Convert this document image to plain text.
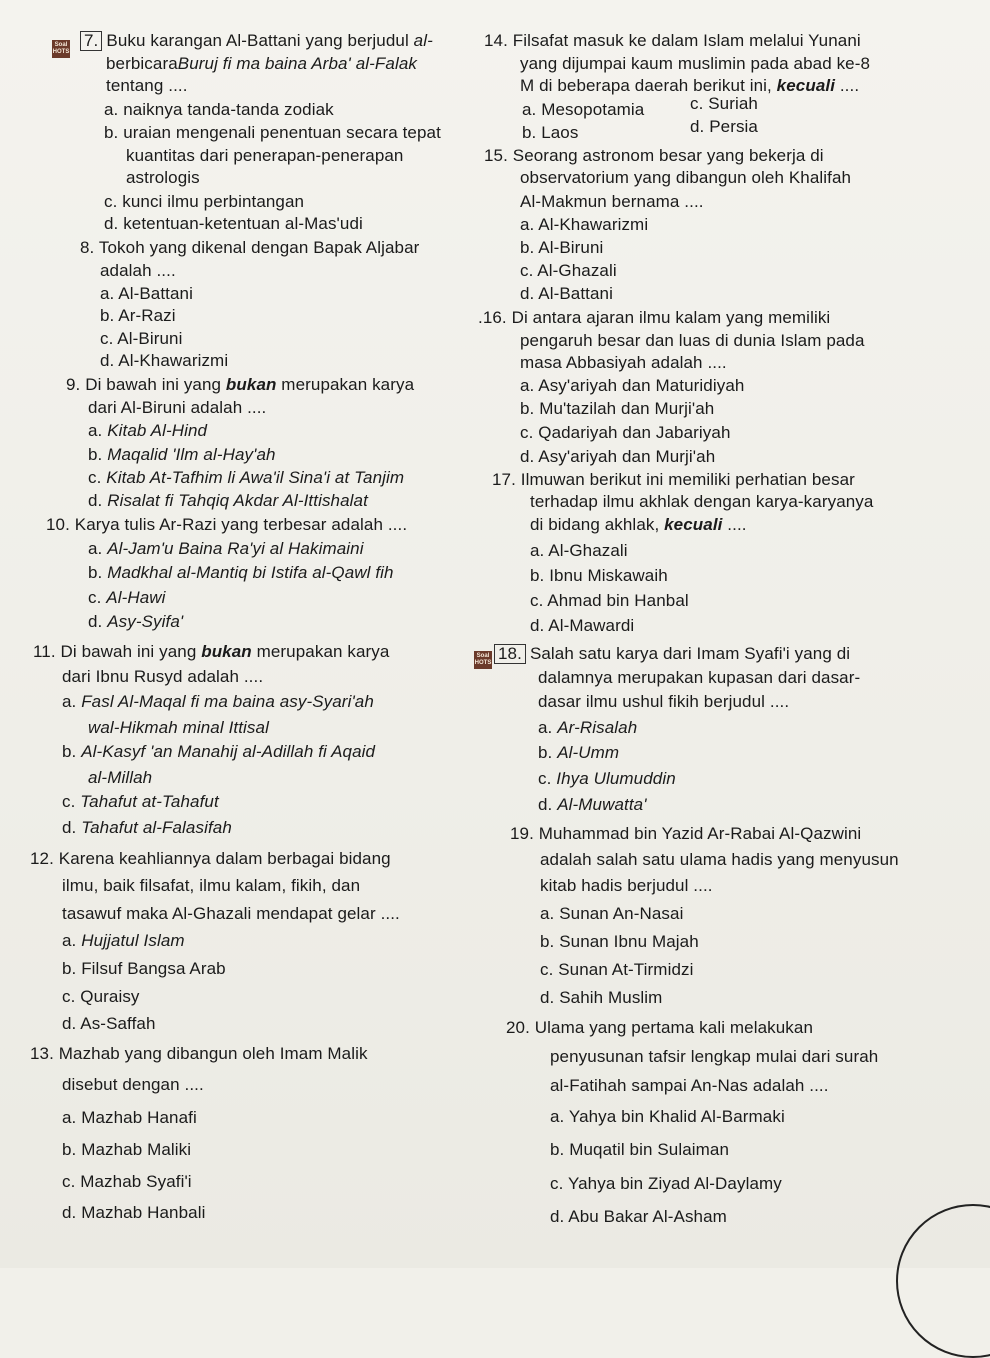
Soal
HOTS
Soal
HOTS
7.Buku karangan Al-Battani yang berjudul al-
berbicaraBuruj fi ma baina Arba' al-Falak
tentang ....
a. naiknya tanda-tanda zodiak
b. uraian mengenali penentuan secara tepat
kuantitas dari penerapan-penerapan
astrologis
c. kunci ilmu perbintangan
d. ketentuan-ketentuan al-Mas'udi
8. Tokoh yang dikenal dengan Bapak Aljabar
adalah ....
a. Al-Battani
b. Ar-Razi
c. Al-Biruni
d. Al-Khawarizmi
9. Di bawah ini yang bukan merupakan karya
dari Al-Biruni adalah ....
a. Kitab Al-Hind
b. Maqalid 'Ilm al-Hay'ah
c. Kitab At-Tafhim li Awa'il Sina'i at Tanjim
d. Risalat fi Tahqiq Akdar Al-Ittishalat
10. Karya tulis Ar-Razi yang terbesar adalah ....
a. Al-Jam'u Baina Ra'yi al Hakimaini
b. Madkhal al-Mantiq bi Istifa al-Qawl fih
c. Al-Hawi
d. Asy-Syifa'
11. Di bawah ini yang bukan merupakan karya
dari Ibnu Rusyd adalah ....
a. Fasl Al-Maqal fi ma baina asy-Syari'ah
wal-Hikmah minal Ittisal
b. Al-Kasyf 'an Manahij al-Adillah fi Aqaid
al-Millah
c. Tahafut at-Tahafut
d. Tahafut al-Falasifah
12. Karena keahliannya dalam berbagai bidang
ilmu, baik filsafat, ilmu kalam, fikih, dan
tasawuf maka Al-Ghazali mendapat gelar ....
a. Hujjatul Islam
b. Filsuf Bangsa Arab
c. Quraisy
d. As-Saffah
13. Mazhab yang dibangun oleh Imam Malik
disebut dengan ....
a. Mazhab Hanafi
b. Mazhab Maliki
c. Mazhab Syafi'i
d. Mazhab Hanbali
14. Filsafat masuk ke dalam Islam melalui Yunani
yang dijumpai kaum muslimin pada abad ke-8
M di beberapa daerah berikut ini, kecuali ....
a. Mesopotamia	c. Suriah
b. Laos	d. Persia
15. Seorang astronom besar yang bekerja di
observatorium yang dibangun oleh Khalifah
Al-Makmun bernama ....
a. Al-Khawarizmi
b. Al-Biruni
c. Al-Ghazali
d. Al-Battani
.16. Di antara ajaran ilmu kalam yang memiliki
pengaruh besar dan luas di dunia Islam pada
masa Abbasiyah adalah ....
a. Asy'ariyah dan Maturidiyah
b. Mu'tazilah dan Murji'ah
c. Qadariyah dan Jabariyah
d. Asy'ariyah dan Murji'ah
17. Ilmuwan berikut ini memiliki perhatian besar
terhadap ilmu akhlak dengan karya-karyanya
di bidang akhlak, kecuali ....
a. Al-Ghazali
b. Ibnu Miskawaih
c. Ahmad bin Hanbal
d. Al-Mawardi
18. Salah satu karya dari Imam Syafi'i yang di
dalamnya merupakan kupasan dari dasar-
dasar ilmu ushul fikih berjudul ....
a. Ar-Risalah
b. Al-Umm
c. Ihya Ulumuddin
d. Al-Muwatta'
19. Muhammad bin Yazid Ar-Rabai Al-Qazwini
adalah salah satu ulama hadis yang menyusun
kitab hadis berjudul ....
a. Sunan An-Nasai
b. Sunan Ibnu Majah
c. Sunan At-Tirmidzi
d. Sahih Muslim
20. Ulama yang pertama kali melakukan
penyusunan tafsir lengkap mulai dari surah
al-Fatihah sampai An-Nas adalah ....
a. Yahya bin Khalid Al-Barmaki
b. Muqatil bin Sulaiman
c. Yahya bin Ziyad Al-Daylamy
d. Abu Bakar Al-Asham
